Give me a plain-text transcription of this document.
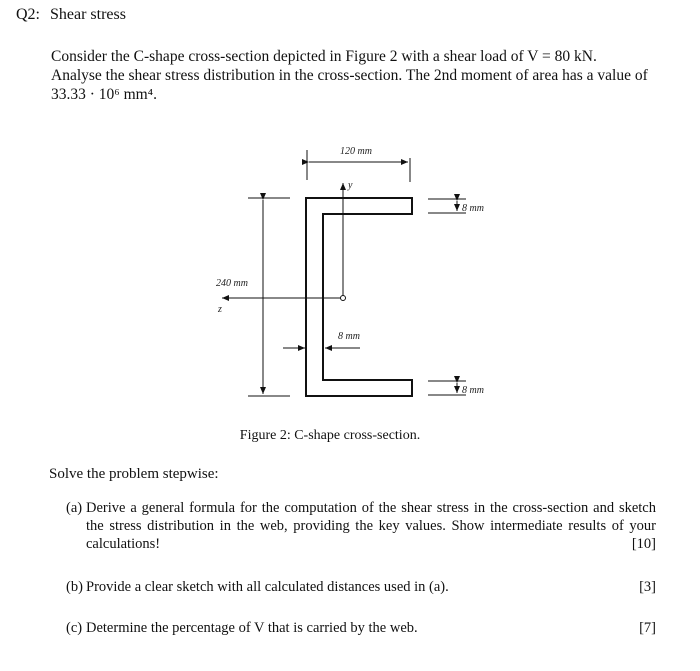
Q2: Shear stress
Consider the C-shape cross-section depicted in Figure 2 with a shear load of V = 80 kN.
Analyse the shear stress distribution in the cross-section. The 2nd moment of area has a value of
33.33 · 10⁶ mm⁴.
120 mm
y
z
240 mm
8 mm
8 mm
8 mm
Figure 2: C-shape cross-section.
Solve the problem stepwise:
(a) Derive a general formula for the computation of the shear stress in the cross-section and sketch the stress distribution in the web, providing the key values. Show intermediate results of your calculations!	[10]
(b) Provide a clear sketch with all calculated distances used in (a).	[3]
(c) Determine the percentage of V that is carried by the web.	[7]
